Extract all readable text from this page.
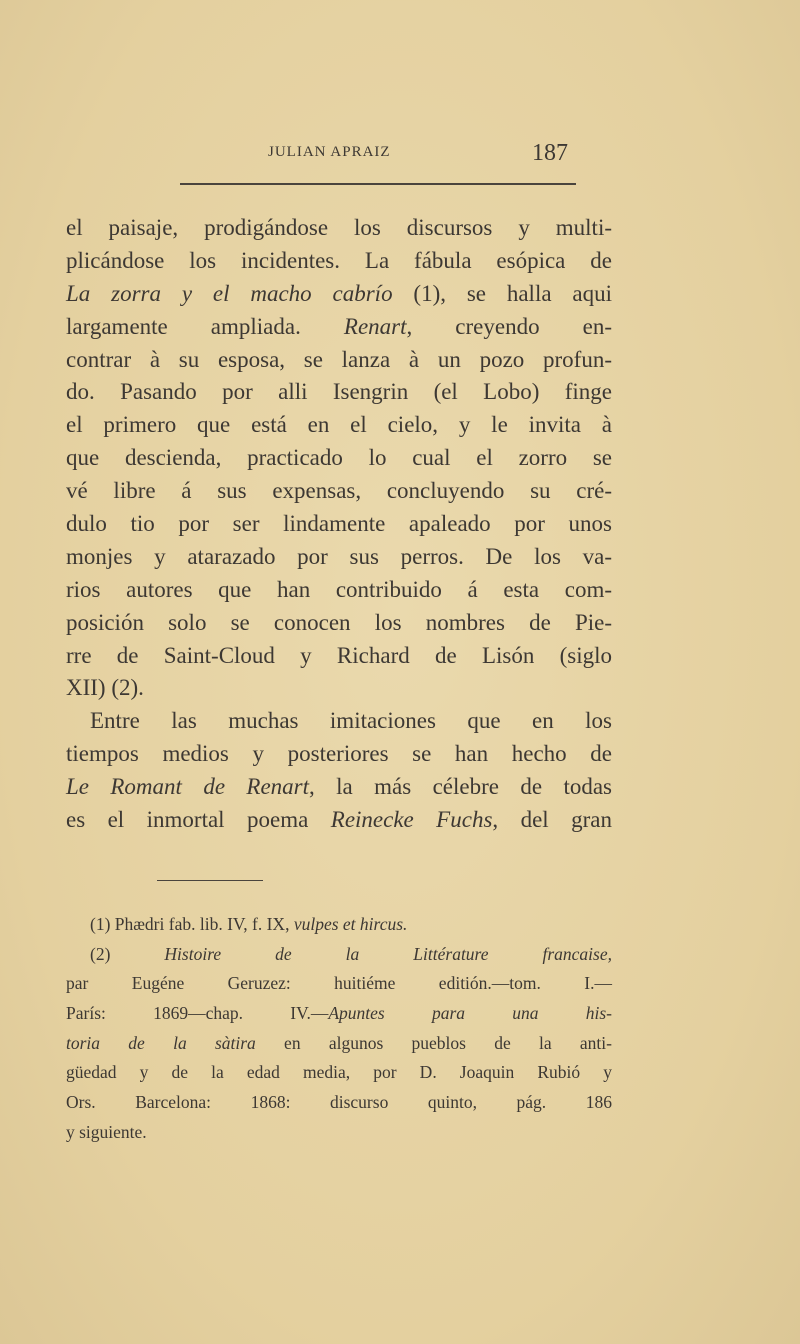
JULIAN APRAIZ	187
el paisaje, prodigándose los discursos y multi-
plicándose los incidentes. La fábula esópica de
La zorra y el macho cabrío (1), se halla aqui
largamente ampliada. Renart, creyendo en-
contrar à su esposa, se lanza à un pozo profun-
do. Pasando por alli Isengrin (el Lobo) finge
el primero que está en el cielo, y le invita à
que descienda, practicado lo cual el zorro se
vé libre á sus expensas, concluyendo su cré-
dulo tio por ser lindamente apaleado por unos
monjes y atarazado por sus perros. De los va-
rios autores que han contribuido á esta com-
posición solo se conocen los nombres de Pie-
rre de Saint-Cloud y Richard de Lisón (siglo
XII) (2).
Entre las muchas imitaciones que en los
tiempos medios y posteriores se han hecho de
Le Romant de Renart, la más célebre de todas
es el inmortal poema Reinecke Fuchs, del gran
(1) Phædri fab. lib. IV, f. IX, vulpes et hircus.
(2) Histoire de la Littérature francaise,
par Eugéne Geruzez: huitiéme editión.—tom. I.—
París: 1869—chap. IV.—Apuntes para una his-
toria de la sàtira en algunos pueblos de la anti-
güedad y de la edad media, por D. Joaquin Rubió y
Ors. Barcelona: 1868: discurso quinto, pág. 186
y siguiente.
